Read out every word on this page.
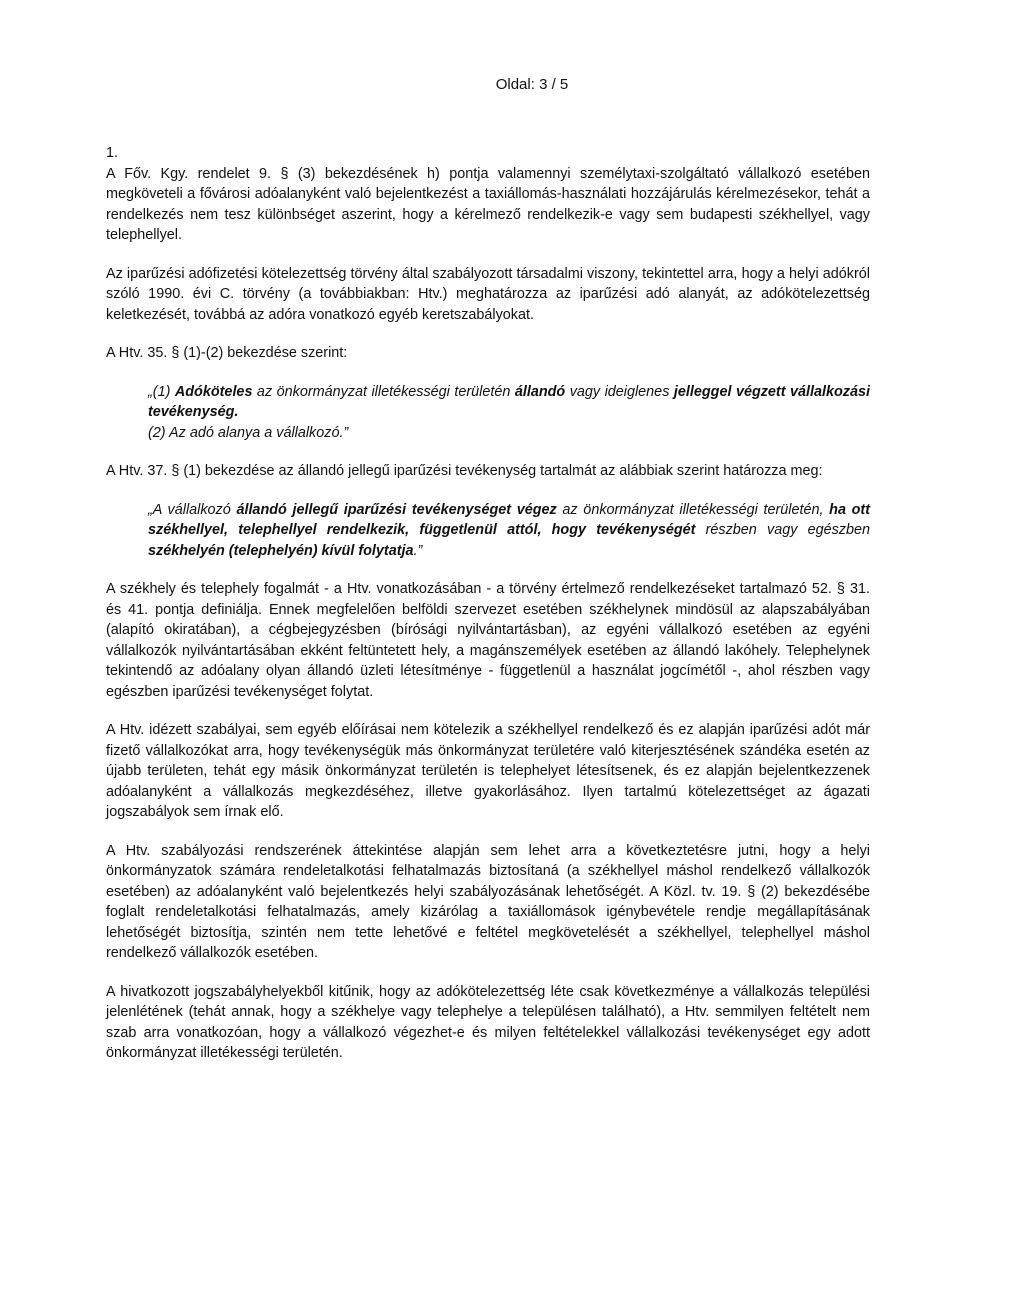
Oldal: 3 / 5

1.

A Főv. Kgy. rendelet 9. § (3) bekezdésének h) pontja valamennyi személytaxi-szolgáltató vállalkozó esetében megköveteli a fővárosi adóalanyként való bejelentkezést a taxiállomás-használati hozzájárulás kérelmezésekor, tehát a rendelkezés nem tesz különbséget aszerint, hogy a kérelmező rendelkezik-e vagy sem budapesti székhellyel, vagy telephellyel.

Az iparűzési adófizetési kötelezettség törvény által szabályozott társadalmi viszony, tekintettel arra, hogy a helyi adókról szóló 1990. évi C. törvény (a továbbiakban: Htv.) meghatározza az iparűzési adó alanyát, az adókötelezettség keletkezését, továbbá az adóra vonatkozó egyéb keretszabályokat.

A Htv. 35. § (1)-(2) bekezdése szerint:

„(1) Adóköteles az önkormányzat illetékességi területén állandó vagy ideiglenes jelleggel végzett vállalkozási tevékenység.

(2) Az adó alanya a vállalkozó.”

A Htv. 37. § (1) bekezdése az állandó jellegű iparűzési tevékenység tartalmát az alábbiak szerint határozza meg:

„A vállalkozó állandó jellegű iparűzési tevékenységet végez az önkormányzat illetékességi területén, ha ott székhellyel, telephellyel rendelkezik, függetlenül attól, hogy tevékenységét részben vagy egészben székhelyén (telephelyén) kívül folytatja.”

A székhely és telephely fogalmát - a Htv. vonatkozásában - a törvény értelmező rendelkezéseket tartalmazó 52. § 31. és 41. pontja definiálja. Ennek megfelelően belföldi szervezet esetében székhelynek mindösül az alapszabályában (alapító okiratában), a cégbejegyzésben (bírósági nyilvántartásban), az egyéni vállalkozó esetében az egyéni vállalkozók nyilvántartásában ekként feltüntetett hely, a magánszemélyek esetében az állandó lakóhely. Telephelynek tekintendő az adóalany olyan állandó üzleti létesítménye - függetlenül a használat jogcímétől -, ahol részben vagy egészben iparűzési tevékenységet folytat.

A Htv. idézett szabályai, sem egyéb előírásai nem kötelezik a székhellyel rendelkező és ez alapján iparűzési adót már fizető vállalkozókat arra, hogy tevékenységük más önkormányzat területére való kiterjesztésének szándéka esetén az újabb területen, tehát egy másik önkormányzat területén is telephelyet létesítsenek, és ez alapján bejelentkezzenek adóalanyként a vállalkozás megkezdéséhez, illetve gyakorlásához. Ilyen tartalmú kötelezettséget az ágazati jogszabályok sem írnak elő.

A Htv. szabályozási rendszerének áttekintése alapján sem lehet arra a következtetésre jutni, hogy a helyi önkormányzatok számára rendeletalkotási felhatalmazás biztosítaná (a székhellyel máshol rendelkező vállalkozók esetében) az adóalanyként való bejelentkezés helyi szabályozásának lehetőségét. A Közl. tv. 19. § (2) bekezdésébe foglalt rendeletalkotási felhatalmazás, amely kizárólag a taxiállomások igénybevétele rendje megállapításának lehetőségét biztosítja, szintén nem tette lehetővé e feltétel megkövetelését a székhellyel, telephellyel máshol rendelkező vállalkozók esetében.

A hivatkozott jogszabályhelyekből kitűnik, hogy az adókötelezettség léte csak következménye a vállalkozás települési jelenlétének (tehát annak, hogy a székhelye vagy telephelye a településen található), a Htv. semmilyen feltételt nem szab arra vonatkozóan, hogy a vállalkozó végezhet-e és milyen feltételekkel vállalkozási tevékenységet egy adott önkormányzat illetékességi területén.
